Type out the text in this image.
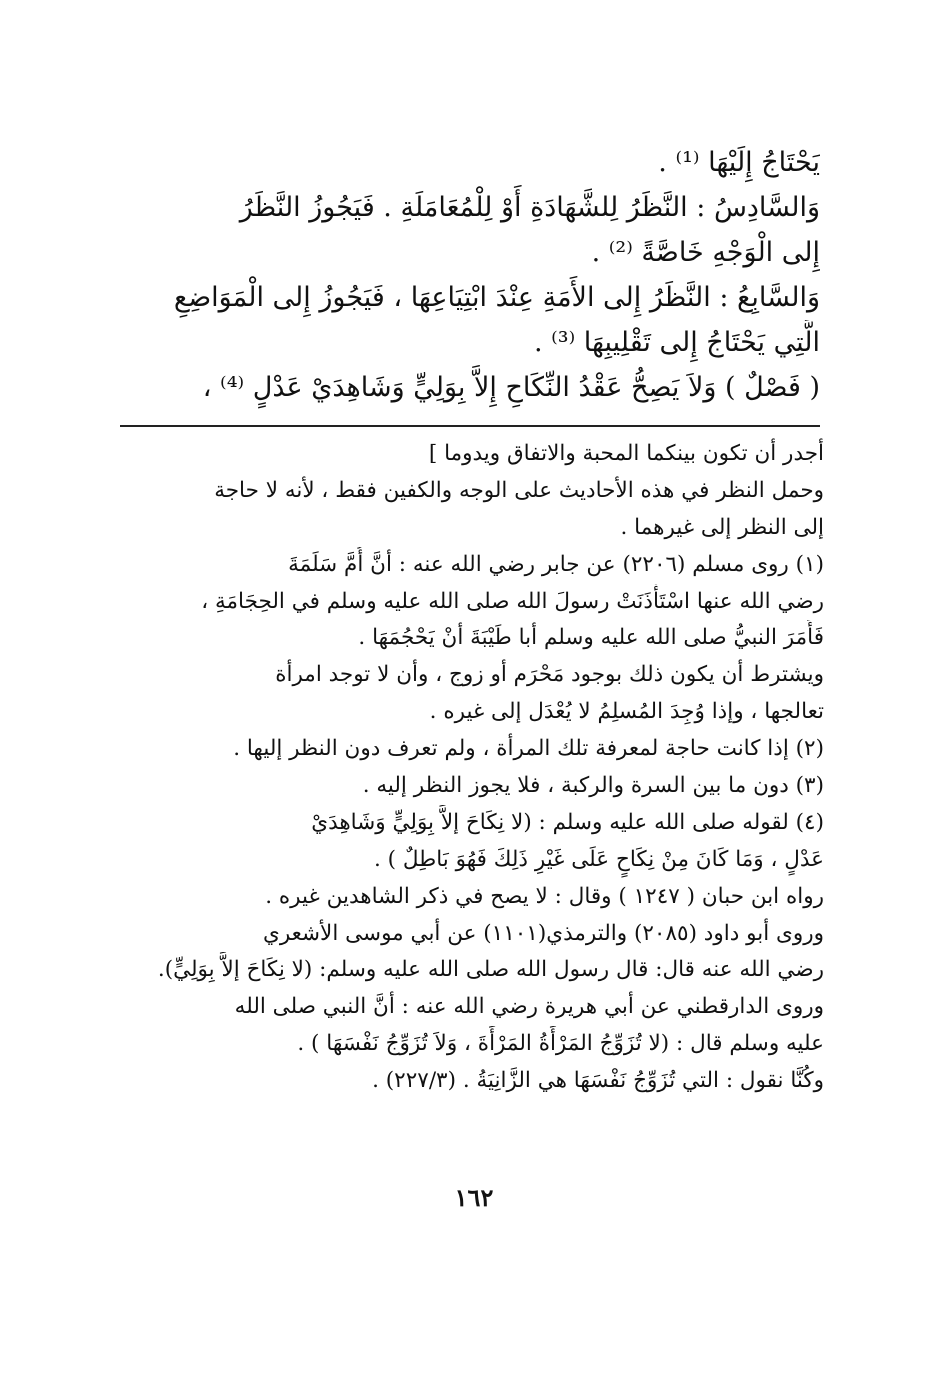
يَحْتَاجُ إِلَيْهَا ⁽¹⁾ .
وَالسَّادِسُ : النَّظَرُ لِلشَّهَادَةِ أَوْ لِلْمُعَامَلَةِ . فَيَجُوزُ النَّظَرُ
إِلى الْوَجْهِ خَاصَّةً ⁽²⁾ .
وَالسَّابِعُ : النَّظَرُ إِلى الأَمَةِ عِنْدَ ابْتِيَاعِهَا ، فَيَجُوزُ إِلى الْمَوَاضِعِ
الَّتِي يَحْتَاجُ إِلى تَقْلِيبِهَا ⁽³⁾ .
( فَصْلٌ ) وَلاَ يَصِحُّ عَقْدُ النِّكَاحِ إِلاَّ بِوَلِيٍّ وَشَاهِدَيْ عَدْلٍ ⁽⁴⁾ ،
أجدر أن تكون بينكما المحبة والاتفاق ويدوما ]
وحمل النظر في هذه الأحاديث على الوجه والكفين فقط ، لأنه لا حاجة
إلى النظر إلى غيرهما .
(١) روى مسلم (٢٢٠٦) عن جابر رضي الله عنه : أنَّ أُمَّ سَلَمَةَ
رضي الله عنها اسْتَأْذَنَتْ رسولَ الله صلى الله عليه وسلم في الحِجَامَةِ ،
فَأَمَرَ النبيُّ صلى الله عليه وسلم أبا طَيْبَةَ أنْ يَحْجُمَهَا .
ويشترط أن يكون ذلك بوجود مَحْرَم أو زوج ، وأن لا توجد امرأة
تعالجها ، وإذا وُجِدَ المُسلِمُ لا يُعْدَل إلى غيره .
(٢) إذا كانت حاجة لمعرفة تلك المرأة ، ولم تعرف دون النظر إليها .
(٣) دون ما بين السرة والركبة ، فلا يجوز النظر إليه .
(٤) لقوله صلى الله عليه وسلم : (لا نِكَاحَ إلاَّ بِوَلِيٍّ وَشَاهِدَيْ
عَدْلٍ ، وَمَا كَانَ مِنْ نِكَاحٍ عَلَى غَيْرِ ذَلِكَ فَهُوَ بَاطِلٌ ) .
رواه ابن حبان ( ١٢٤٧ ) وقال : لا يصح في ذكر الشاهدين غيره .
وروى أبو داود (٢٠٨٥) والترمذي(١١٠١) عن أبي موسى الأشعري
رضي الله عنه قال: قال رسول الله صلى الله عليه وسلم: (لا نِكَاحَ إلاَّ بِوَلِيٍّ).
وروى الدارقطني عن أبي هريرة رضي الله عنه : أنَّ النبي صلى الله
عليه وسلم قال : (لا تُزَوِّجُ المَرْأَةُ المَرْأَةَ ، وَلاَ تُزَوِّجُ نَفْسَهَا ) .
وكُنَّا نقول : التي تُزَوِّجُ نَفْسَهَا هي الزَّانِيَةُ . (٢٢٧/٣) .
١٦٢
